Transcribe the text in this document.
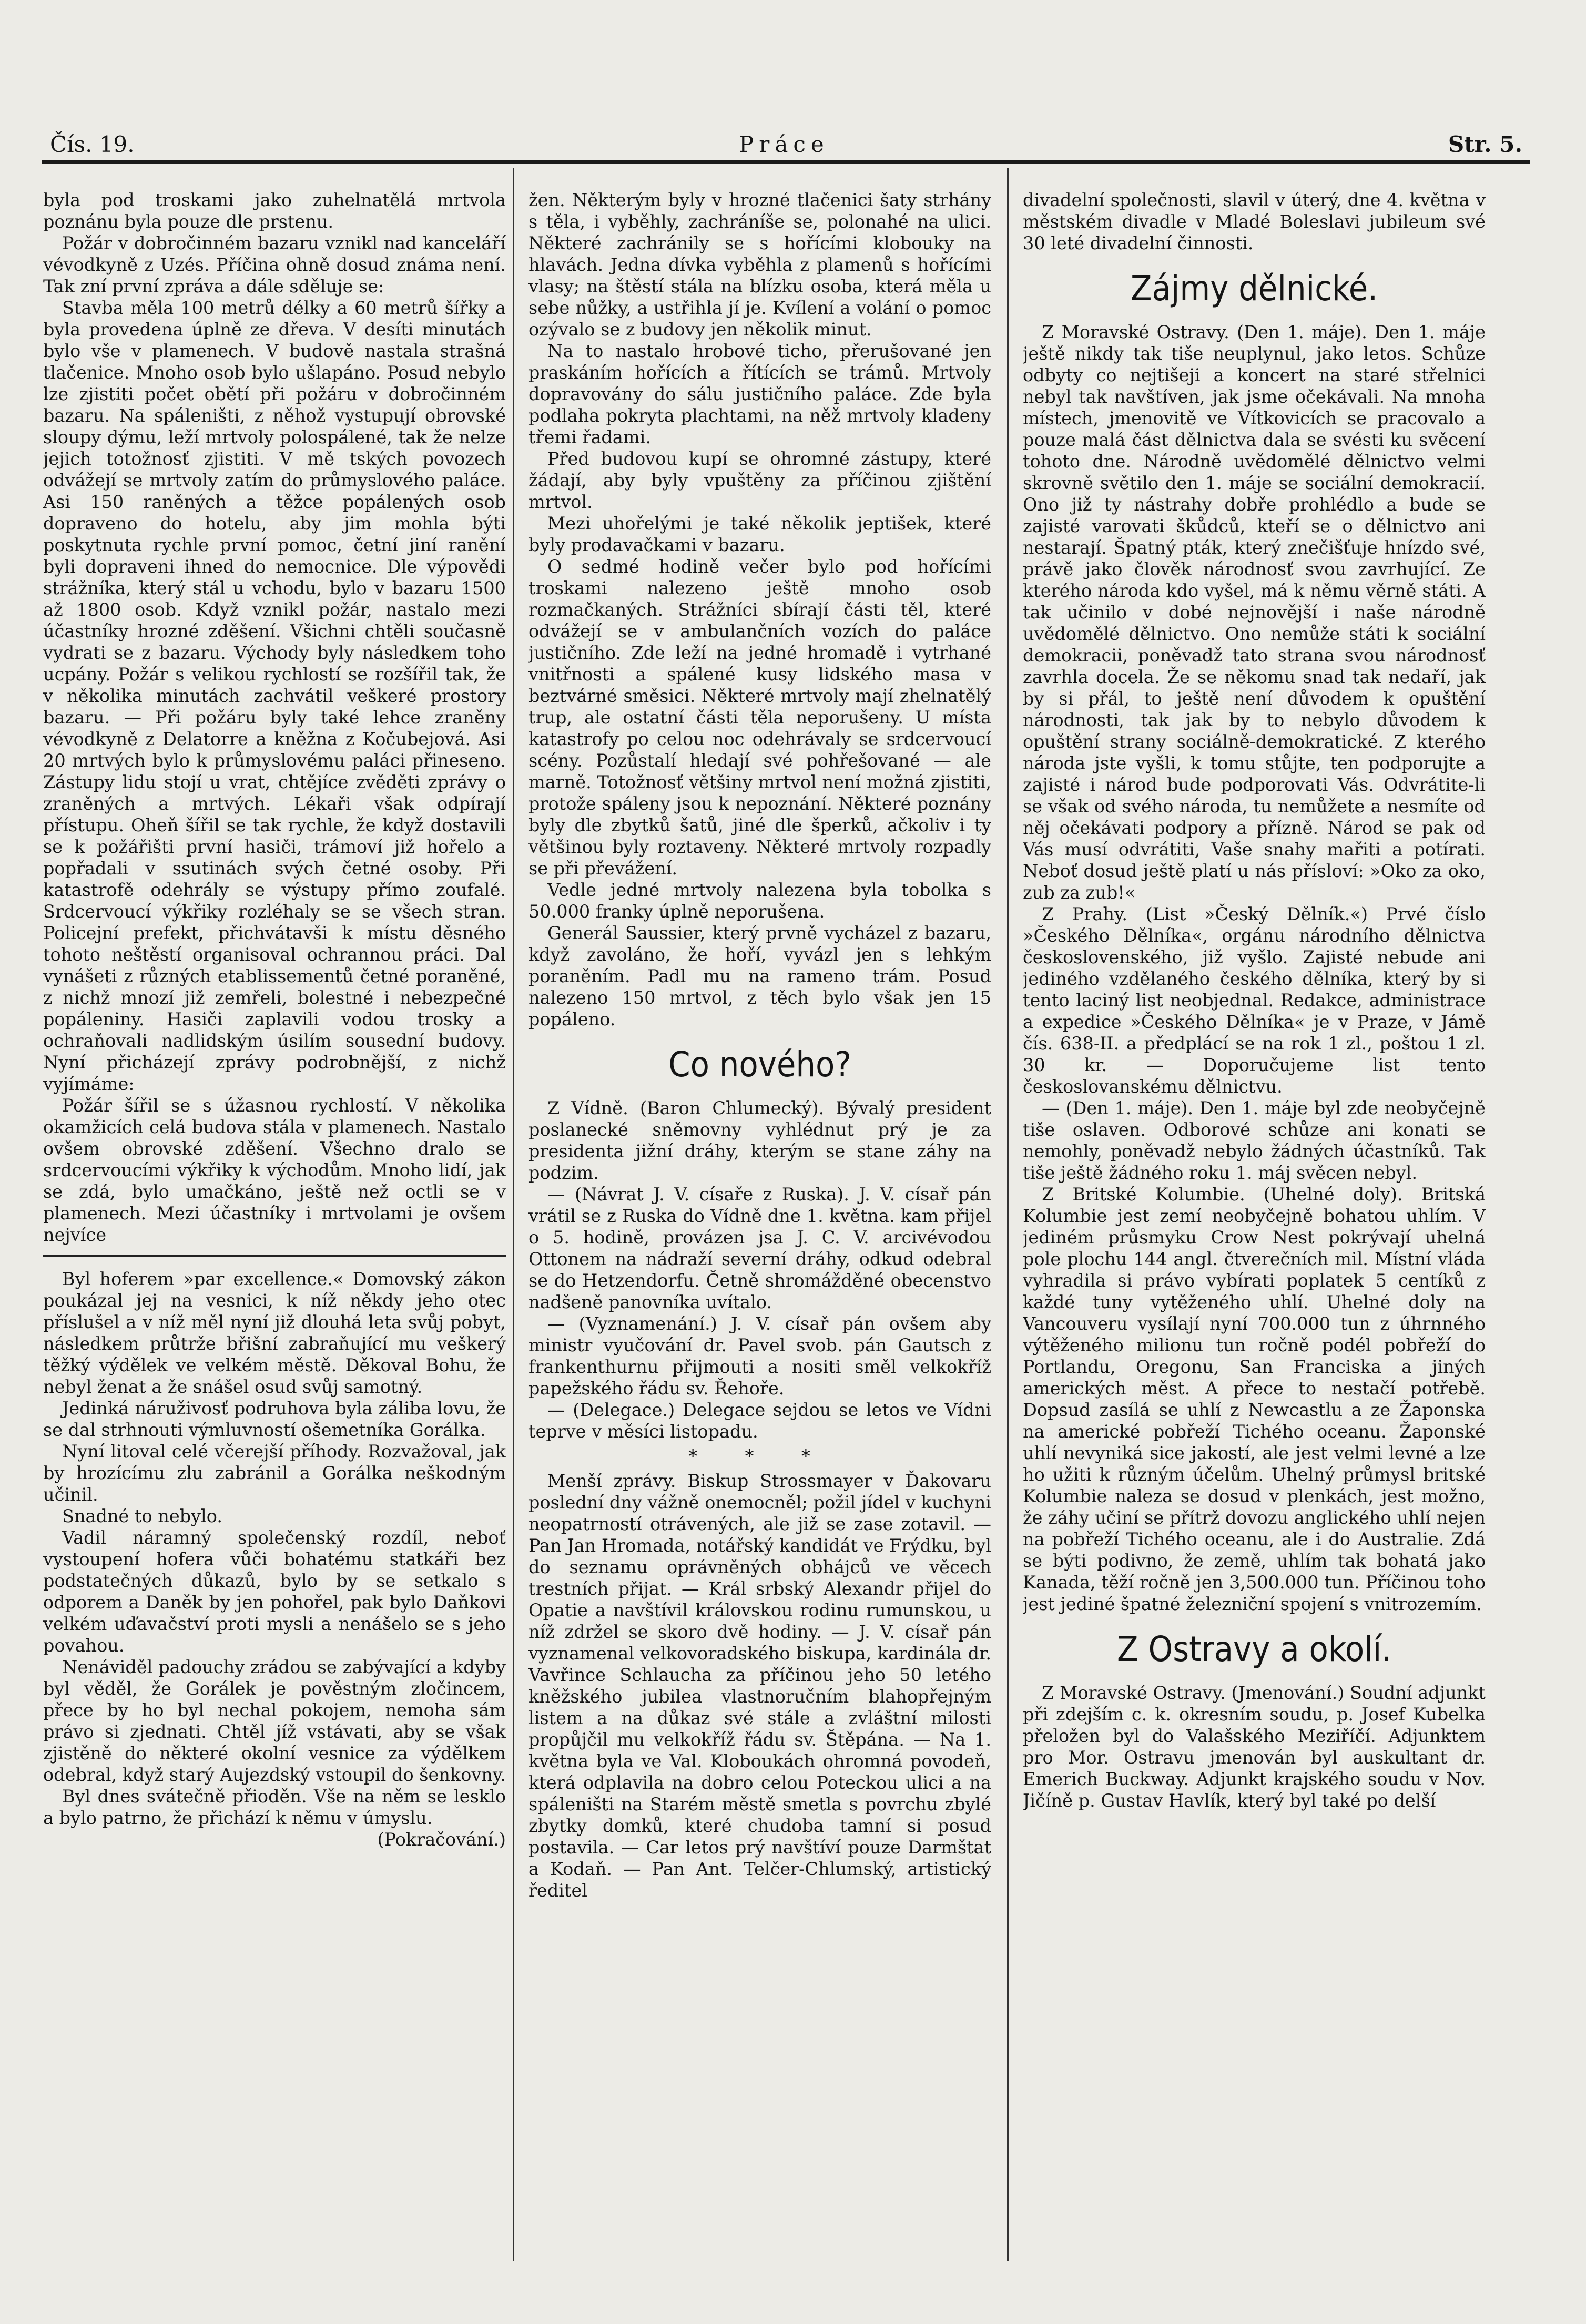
Čís. 19.	Práce	Str. 5.

byla pod troskami jako zuhelnatělá mrtvola poznánu byla pouze dle prstenu.

Požár v dobročinném bazaru vznikl nad kanceláří vévodkyně z Uzés. Příčina ohně dosud známa není. Tak zní první zpráva a dále sděluje se:

Stavba měla 100 metrů délky a 60 metrů šířky a byla provedena úplně ze dřeva. V desíti minutách bylo vše v plamenech. V budově nastala strašná tlačenice. Mnoho osob bylo ušlapáno. Posud nebylo lze zjistiti počet obětí při požáru v dobročinném bazaru. Na spáleništi, z něhož vystupují obrovské sloupy dýmu, leží mrtvoly polospálené, tak že nelze jejich totožnosť zjistiti. V mě tských povozech odvážejí se mrtvoly zatím do průmyslového paláce. Asi 150 raněných a těžce popálených osob dopraveno do hotelu, aby jim mohla býti poskytnuta rychle první pomoc, četní jiní ranění byli dopraveni ihned do nemocnice. Dle výpovědi strážníka, který stál u vchodu, bylo v bazaru 1500 až 1800 osob. Když vznikl požár, nastalo mezi účastníky hrozné zděšení. Všichni chtěli současně vydrati se z bazaru. Východy byly následkem toho ucpány. Požár s velikou rychlostí se rozšířil tak, že v několika minutách zachvátil veškeré prostory bazaru. — Při požáru byly také lehce zraněny vévodkyně z Delatorre a kněžna z Kočubejová. Asi 20 mrtvých bylo k průmyslovému paláci přineseno. Zástupy lidu stojí u vrat, chtějíce zvěděti zprávy o zraněných a mrtvých. Lékaři však odpírají přístupu. Oheň šířil se tak rychle, že když dostavili se k požářišti první hasiči, trámoví již hořelo a popřadali v ssutinách svých četné osoby. Při katastrofě odehrály se výstupy přímo zoufalé. Srdcervoucí výkřiky rozléhaly se se všech stran. Policejní prefekt, přichvátavši k místu děsného tohoto neštěstí organisoval ochrannou práci. Dal vynášeti z různých etablissementů četné poraněné, z nichž mnozí již zemřeli, bolestné i nebezpečné popáleniny. Hasiči zaplavili vodou trosky a ochraňovali nadlidským úsilím sousední budovy. Nyní přicházejí zprávy podrobnější, z nichž vyjímáme:

Požár šířil se s úžasnou rychlostí. V několika okamžicích celá budova stála v plamenech. Nastalo ovšem obrovské zděšení. Všechno dralo se srdcervoucími výkřiky k východům. Mnoho lidí, jak se zdá, bylo umačkáno, ještě než octli se v plamenech. Mezi účastníky i mrtvolami je ovšem nejvíce

Byl hoferem »par excellence.« Domovský zákon poukázal jej na vesnici, k níž někdy jeho otec příslušel a v níž měl nyní již dlouhá leta svůj pobyt, následkem průtrže břišní zabraňující mu veškerý těžký výdělek ve velkém městě. Děkoval Bohu, že nebyl ženat a že snášel osud svůj samotný.

Jedinká náruživosť podruhova byla záliba lovu, že se dal strhnouti výmluvností ošemetníka Gorálka.

Nyní litoval celé včerejší příhody. Rozvažoval, jak by hrozícímu zlu zabránil a Gorálka neškodným učinil.

Snadné to nebylo.

Vadil náramný společenský rozdíl, neboť vystoupení hofera vůči bohatému statkáři bez podstatečných důkazů, bylo by se setkalo s odporem a Daněk by jen pohořel, pak bylo Daňkovi velkém uďavačství proti mysli a nenášelo se s jeho povahou.

Nenáviděl padouchy zrádou se zabývající a kdyby byl věděl, že Gorálek je pověstným zločincem, přece by ho byl nechal pokojem, nemoha sám právo si zjednati. Chtěl jíž vstávati, aby se však zjistěně do některé okolní vesnice za výdělkem odebral, když starý Aujezdský vstoupil do šenkovny.

Byl dnes svátečně přioděn. Vše na něm se lesklo a bylo patrno, že přichází k němu v úmyslu.

(Pokračování.)

žen. Některým byly v hrozné tlačenici šaty strhány s těla, i vyběhly, zachráníše se, polonahé na ulici. Některé zachránily se s hořícími klobouky na hlavách. Jedna dívka vyběhla z plamenů s hořícími vlasy; na štěstí stála na blízku osoba, která měla u sebe nůžky, a ustřihla jí je. Kvílení a volání o pomoc ozývalo se z budovy jen několik minut.

Na to nastalo hrobové ticho, přerušované jen praskáním hořících a řítících se trámů. Mrtvoly dopravovány do sálu justičního paláce. Zde byla podlaha pokryta plachtami, na něž mrtvoly kladeny třemi řadami.

Před budovou kupí se ohromné zástupy, které žádají, aby byly vpuštěny za příčinou zjištění mrtvol.

Mezi uhořelými je také několik jeptišek, které byly prodavačkami v bazaru.

O sedmé hodině večer bylo pod hořícími troskami nalezeno ještě mnoho osob rozmačkaných. Strážníci sbírají části těl, které odvážejí se v ambulančních vozích do paláce justičního. Zde leží na jedné hromadě i vytrhané vnitřnosti a spálené kusy lidského masa v beztvárné směsici. Některé mrtvoly mají zhelnatělý trup, ale ostatní části těla neporušeny. U místa katastrofy po celou noc odehrávaly se srdcervoucí scény. Pozůstalí hledají své pohřešované — ale marně. Totožnosť většiny mrtvol není možná zjistiti, protože spáleny jsou k nepoznání. Některé poznány byly dle zbytků šatů, jiné dle šperků, ačkoliv i ty většinou byly roztaveny. Některé mrtvoly rozpadly se při převážení.

Vedle jedné mrtvoly nalezena byla tobolka s 50.000 franky úplně neporušena.

Generál Saussier, který prvně vycházel z bazaru, když zavoláno, že hoří, vyvázl jen s lehkým poraněním. Padl mu na rameno trám. Posud nalezeno 150 mrtvol, z těch bylo však jen 15 popáleno.

Co nového?

Z Vídně. (Baron Chlumecký). Bývalý president poslanecké sněmovny vyhlédnut prý je za presidenta jižní dráhy, kterým se stane záhy na podzim.

— (Návrat J. V. císaře z Ruska). J. V. císař pán vrátil se z Ruska do Vídně dne 1. května. kam přijel o 5. hodině, provázen jsa J. C. V. arcivévodou Ottonem na nádraží severní dráhy, odkud odebral se do Hetzendorfu. Četně shromážděné obecenstvo nadšeně panovníka uvítalo.

— (Vyznamenání.) J. V. císař pán ovšem aby ministr vyučování dr. Pavel svob. pán Gautsch z frankenthurnu přijmouti a nositi směl velkokříž papežského řádu sv. Řehoře.

— (Delegace.) Delegace sejdou se letos ve Vídni teprve v měsíci listopadu.

* * *

Menší zprávy. Biskup Strossmayer v Ďakovaru poslední dny vážně onemocněl; požil jídel v kuchyni neopatrností otrávených, ale již se zase zotavil. — Pan Jan Hromada, notářský kandidát ve Frýdku, byl do seznamu oprávněných obhájců ve věcech trestních přijat. — Král srbský Alexandr přijel do Opatie a navštívil královskou rodinu rumunskou, u níž zdržel se skoro dvě hodiny. — J. V. císař pán vyznamenal velkovoradského biskupa, kardinála dr. Vavřince Schlaucha za příčinou jeho 50 letého kněžského jubilea vlastnoručním blahopřejným listem a na důkaz své stále a zvláštní milosti propůjčil mu velkokříž řádu sv. Štěpána. — Na 1. května byla ve Val. Kloboukách ohromná povodeň, která odplavila na dobro celou Poteckou ulici a na spáleništi na Starém městě smetla s povrchu zbylé zbytky domků, které chudoba tamní si posud postavila. — Car letos prý navštíví pouze Darmštat a Kodaň. — Pan Ant. Telčer-Chlumský, artistický ředitel

divadelní společnosti, slavil v úterý, dne 4. května v městském divadle v Mladé Boleslavi jubileum své 30 leté divadelní činnosti.

Zájmy dělnické.

Z Moravské Ostravy. (Den 1. máje). Den 1. máje ještě nikdy tak tiše neuplynul, jako letos. Schůze odbyty co nejtišeji a koncert na staré střelnici nebyl tak navštíven, jak jsme očekávali. Na mnoha místech, jmenovitě ve Vítkovicích se pracovalo a pouze malá část dělnictva dala se svésti ku svěcení tohoto dne. Národně uvědomělé dělnictvo velmi skrovně světilo den 1. máje se sociální demokracií. Ono již ty nástrahy dobře prohlédlo a bude se zajisté varovati škůdců, kteří se o dělnictvo ani nestarají. Špatný pták, který znečišťuje hnízdo své, právě jako člověk národnosť svou zavrhující. Ze kterého národa kdo vyšel, má k němu věrně státi. A tak učinilo v dobé nejnovější i naše národně uvědomělé dělnictvo. Ono nemůže státi k sociální demokracii, poněvadž tato strana svou národnosť zavrhla docela. Že se někomu snad tak nedaří, jak by si přál, to ještě není důvodem k opuštění národnosti, tak jak by to nebylo důvodem k opuštění strany sociálně-demokratické. Z kterého národa jste vyšli, k tomu stůjte, ten podporujte a zajisté i národ bude podporovati Vás. Odvrátite-li se však od svého národa, tu nemůžete a nesmíte od něj očekávati podpory a přízně. Národ se pak od Vás musí odvrátiti, Vaše snahy mařiti a potírati. Neboť dosud ještě platí u nás přísloví: »Oko za oko, zub za zub!«

Z Prahy. (List »Český Dělník.«) Prvé číslo »Českého Dělníka«, orgánu národního dělnictva československého, již vyšlo. Zajisté nebude ani jediného vzdělaného českého dělníka, který by si tento laciný list neobjednal. Redakce, administrace a expedice »Českého Dělníka« je v Praze, v Jámě čís. 638-II. a předplácí se na rok 1 zl., poštou 1 zl. 30 kr. — Doporučujeme list tento českoslovanskému dělnictvu.

— (Den 1. máje). Den 1. máje byl zde neobyčejně tiše oslaven. Odborové schůze ani konati se nemohly, poněvadž nebylo žádných účastníků. Tak tiše ještě žádného roku 1. máj svěcen nebyl.

Z Britské Kolumbie. (Uhelné doly). Britská Kolumbie jest zemí neobyčejně bohatou uhlím. V jediném průsmyku Crow Nest pokrývají uhelná pole plochu 144 angl. čtverečních mil. Místní vláda vyhradila si právo vybírati poplatek 5 centíků z každé tuny vytěženého uhlí. Uhelné doly na Vancouveru vysílají nyní 700.000 tun z úhrnného výtěženého milionu tun ročně podél pobřeží do Portlandu, Oregonu, San Franciska a jiných amerických měst. A přece to nestačí potřebě. Dopsud zasílá se uhlí z Newcastlu a ze Žaponska na americké pobřeží Tichého oceanu. Žaponské uhlí nevyniká sice jakostí, ale jest velmi levné a lze ho užiti k různým účelům. Uhelný průmysl britské Kolumbie naleza se dosud v plenkách, jest možno, že záhy učiní se přítrž dovozu anglického uhlí nejen na pobřeží Tichého oceanu, ale i do Australie. Zdá se býti podivno, že země, uhlím tak bohatá jako Kanada, těží ročně jen 3,500.000 tun. Příčinou toho jest jediné špatné železniční spojení s vnitrozemím.

Z Ostravy a okolí.

Z Moravské Ostravy. (Jmenování.) Soudní adjunkt při zdejším c. k. okresním soudu, p. Josef Kubelka přeložen byl do Valašského Meziříčí. Adjunktem pro Mor. Ostravu jmenován byl auskultant dr. Emerich Buckway. Adjunkt krajského soudu v Nov. Jičíně p. Gustav Havlík, který byl také po delší
